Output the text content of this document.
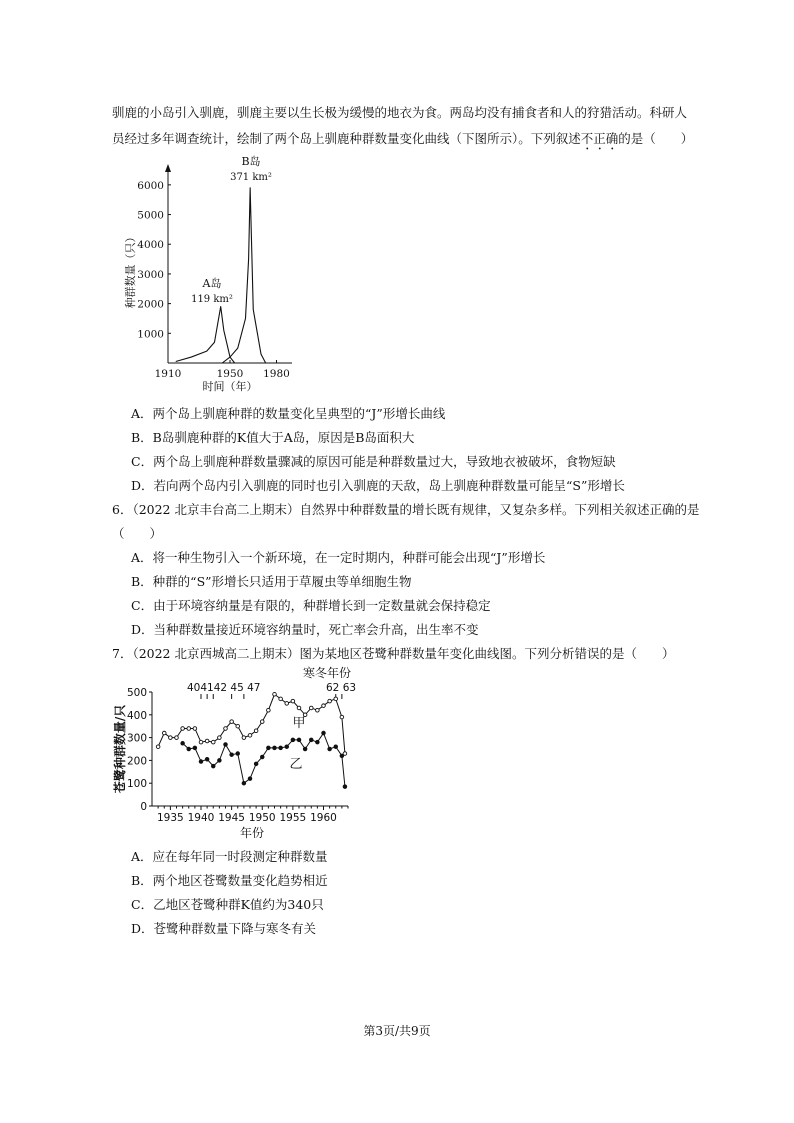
驯鹿的小岛引入驯鹿，驯鹿主要以生长极为缓慢的地衣为食。两岛均没有捕食者和人的狩猎活动。科研人
员经过多年调查统计，绘制了两个岛上驯鹿种群数量变化曲线（下图所示）。下列叙述不正确的是（　　）
1000
2000
3000
4000
5000
6000
1910	1950 1980
种群数量（只）
时间（年）
A岛
119 km²
B岛
371 km²
A．两个岛上驯鹿种群的数量变化呈典型的“J”形增长曲线
B．B岛驯鹿种群的K值大于A岛，原因是B岛面积大
C．两个岛上驯鹿种群数量骤减的原因可能是种群数量过大，导致地衣被破坏，食物短缺
D．若向两个岛内引入驯鹿的同时也引入驯鹿的天敌，岛上驯鹿种群数量可能呈“S”形增长
6．（2022 北京丰台高二上期末）自然界中种群数量的增长既有规律，又复杂多样。下列相关叙述正确的是
（　　）
A．将一种生物引入一个新环境，在一定时期内，种群可能会出现“J”形增长
B．种群的“S”形增长只适用于草履虫等单细胞生物
C．由于环境容纳量是有限的，种群增长到一定数量就会保持稳定
D．当种群数量接近环境容纳量时，死亡率会升高，出生率不变
7．（2022 北京西城高二上期末）图为某地区苍鹭种群数量年变化曲线图。下列分析错误的是（　　）
寒冬年份
404142 45 47	62 63
0
100
200
300
400
500
1935 1940 1945 1950 1955 1960
苍鹭种群数量/只
年份
甲
乙
A．应在每年同一时段测定种群数量
B．两个地区苍鹭数量变化趋势相近
C．乙地区苍鹭种群K值约为340只
D．苍鹭种群数量下降与寒冬有关
第3页/共9页
